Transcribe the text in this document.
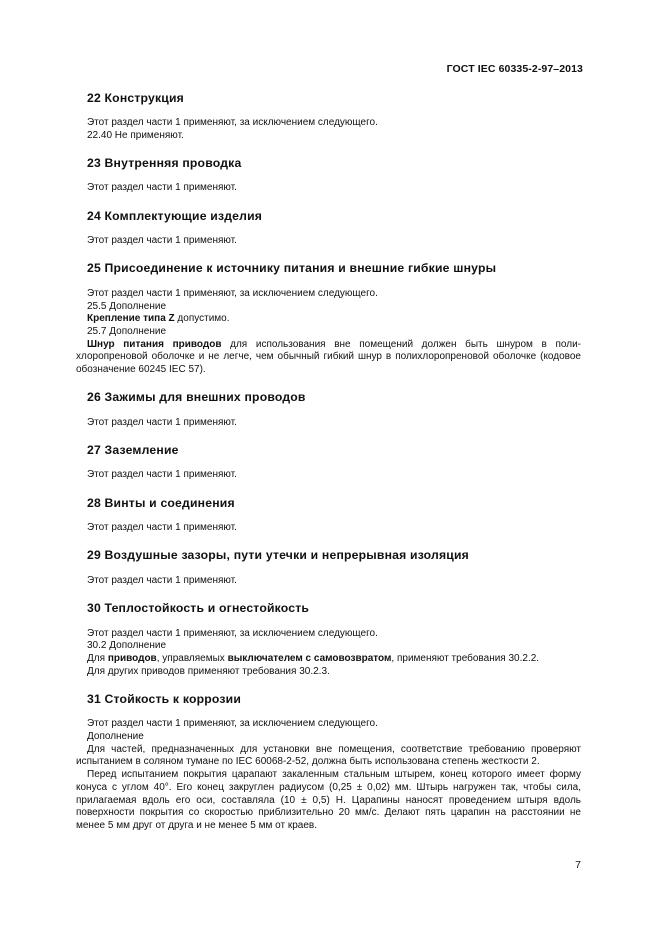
ГОСТ IEC 60335-2-97–2013
22 Конструкция

Этот раздел части 1 применяют, за исключением следующего.

22.40 Не применяют.

23 Внутренняя проводка

Этот раздел части 1 применяют.

24 Комплектующие изделия

Этот раздел части 1 применяют.

25 Присоединение к источнику питания и внешние гибкие шнуры

Этот раздел части 1 применяют, за исключением следующего.

25.5 Дополнение

Крепление типа Z допустимо.

25.7 Дополнение

Шнур питания приводов для использования вне помещений должен быть шнуром в поли-хлоропреновой оболочке и не легче, чем обычный гибкий шнур в полихлоропреновой оболочке (кодовое обозначение 60245 IEC 57).

26 Зажимы для внешних проводов

Этот раздел части 1 применяют.

27 Заземление

Этот раздел части 1 применяют.

28 Винты и соединения

Этот раздел части 1 применяют.

29 Воздушные зазоры, пути утечки и непрерывная изоляция

Этот раздел части 1 применяют.

30 Теплостойкость и огнестойкость

Этот раздел части 1 применяют, за исключением следующего.

30.2 Дополнение

Для приводов, управляемых выключателем с самовозвратом, применяют требования 30.2.2.

Для других приводов применяют требования 30.2.3.

31 Стойкость к коррозии

Этот раздел части 1 применяют, за исключением следующего.

Дополнение

Для частей, предназначенных для установки вне помещения, соответствие требованию проверяют испытанием в соляном тумане по IEC 60068-2-52, должна быть использована степень жесткости 2.

Перед испытанием покрытия царапают закаленным стальным штырем, конец которого имеет форму конуса с углом 40°. Его конец закруглен радиусом (0,25 ± 0,02) мм. Штырь нагружен так, чтобы сила, прилагаемая вдоль его оси, составляла (10 ± 0,5) Н. Царапины наносят проведением штыря вдоль поверхности покрытия со скоростью приблизительно 20 мм/с. Делают пять царапин на расстоянии не менее 5 мм друг от друга и не менее 5 мм от краев.

7
